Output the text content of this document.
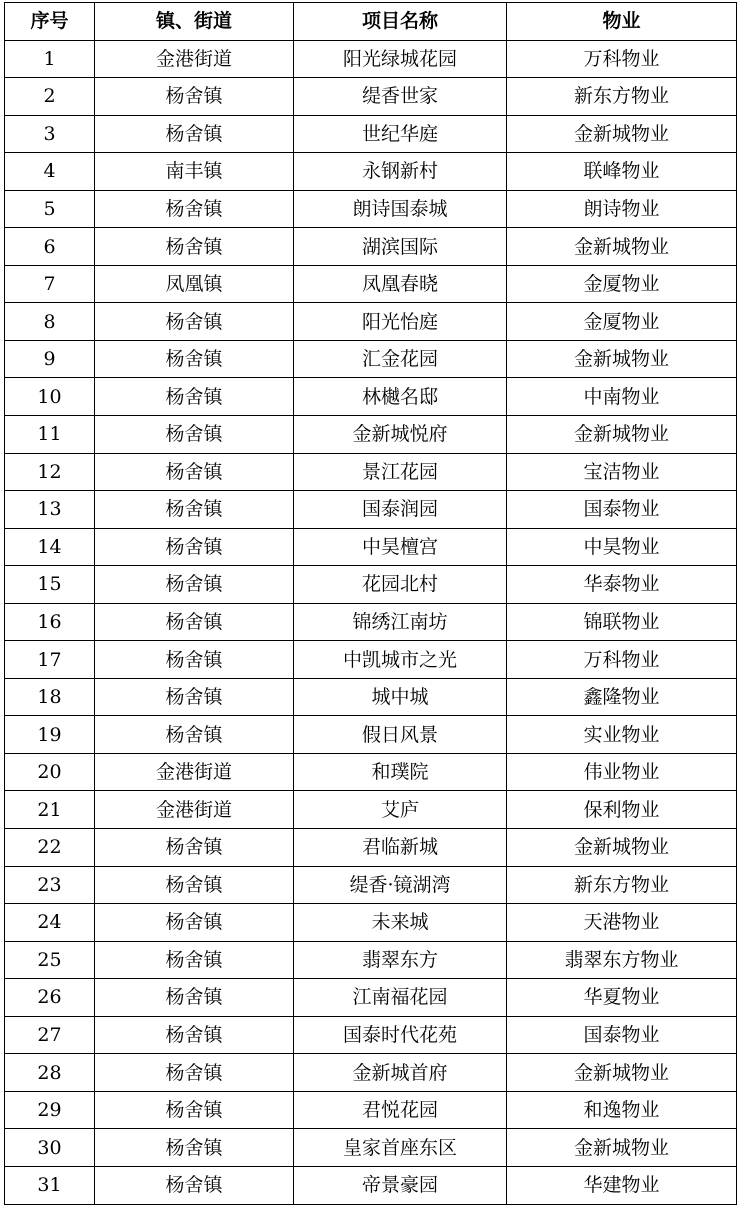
序号	镇、街道	项目名称	物业
1	金港街道	阳光绿城花园	万科物业
2	杨舍镇	缇香世家	新东方物业
3	杨舍镇	世纪华庭	金新城物业
4	南丰镇	永钢新村	联峰物业
5	杨舍镇	朗诗国泰城	朗诗物业
6	杨舍镇	湖滨国际	金新城物业
7	凤凰镇	凤凰春晓	金厦物业
8	杨舍镇	阳光怡庭	金厦物业
9	杨舍镇	汇金花园	金新城物业
10	杨舍镇	林樾名邸	中南物业
11	杨舍镇	金新城悦府	金新城物业
12	杨舍镇	景江花园	宝洁物业
13	杨舍镇	国泰润园	国泰物业
14	杨舍镇	中昊檀宫	中昊物业
15	杨舍镇	花园北村	华泰物业
16	杨舍镇	锦绣江南坊	锦联物业
17	杨舍镇	中凯城市之光	万科物业
18	杨舍镇	城中城	鑫隆物业
19	杨舍镇	假日风景	实业物业
20	金港街道	和璞院	伟业物业
21	金港街道	艾庐	保利物业
22	杨舍镇	君临新城	金新城物业
23	杨舍镇	缇香·镜湖湾	新东方物业
24	杨舍镇	未来城	天港物业
25	杨舍镇	翡翠东方	翡翠东方物业
26	杨舍镇	江南福花园	华夏物业
27	杨舍镇	国泰时代花苑	国泰物业
28	杨舍镇	金新城首府	金新城物业
29	杨舍镇	君悦花园	和逸物业
30	杨舍镇	皇家首座东区	金新城物业
31	杨舍镇	帝景豪园	华建物业
